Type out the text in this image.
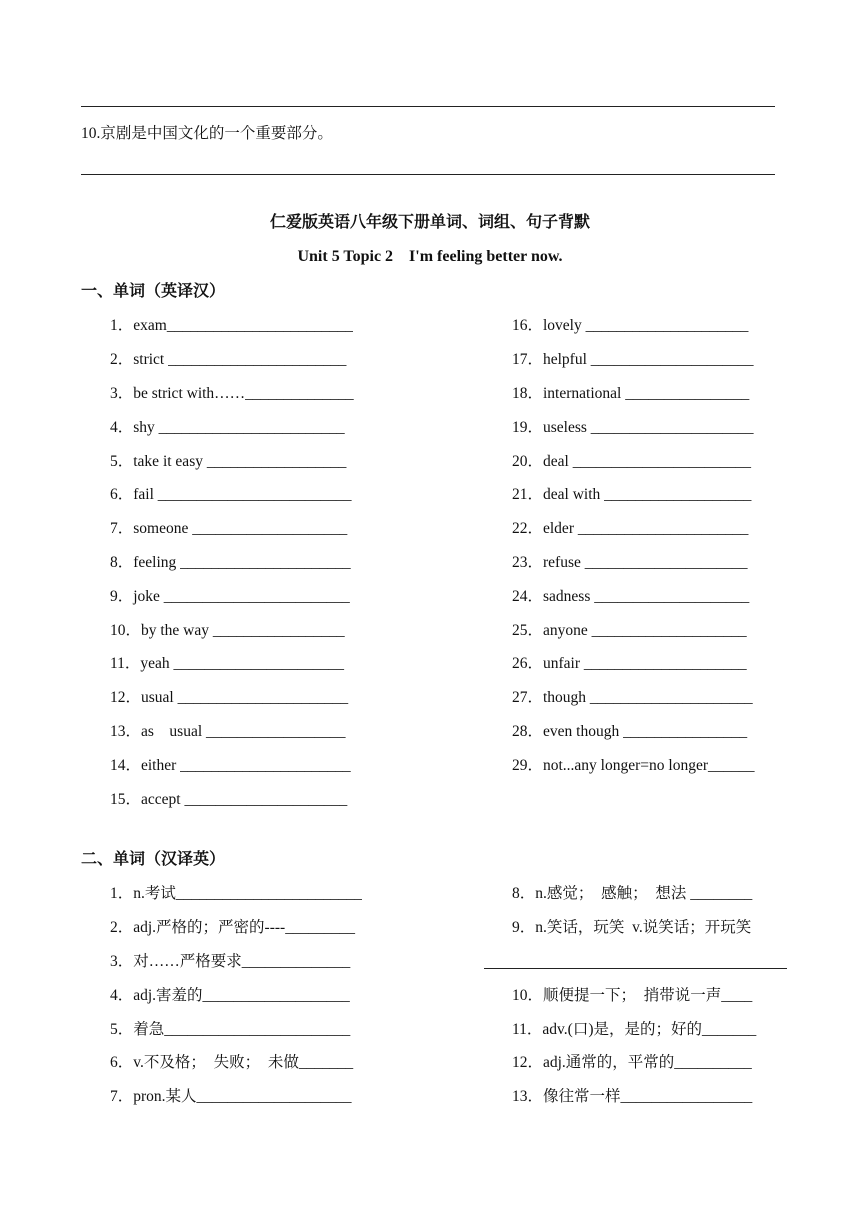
10.京剧是中国文化的一个重要部分。
仁爱版英语八年级下册单词、词组、句子背默
Unit 5 Topic 2    I'm feeling better now.
一、单词（英译汉）
1．exam________________________
2．strict _______________________
3．be strict with……______________
4．shy ________________________
5．take it easy __________________
6．fail _________________________
7．someone ____________________
8．feeling ______________________
9．joke ________________________
10．by the way _________________
11．yeah ______________________
12．usual ______________________
13．as    usual __________________
14．either ______________________
15．accept _____________________
16．lovely _____________________
17．helpful _____________________
18．international ________________
19．useless _____________________
20．deal _______________________
21．deal with ___________________
22．elder ______________________
23．refuse _____________________
24．sadness ____________________
25．anyone ____________________
26．unfair _____________________
27．though _____________________
28．even though ________________
29．not...any longer=no longer______
二、单词（汉译英）
1．n.考试________________________
2．adj.严格的；严密的----_________
3．对……严格要求______________
4．adj.害羞的___________________
5．着急________________________
6．v.不及格；  失败；  未做_______
7．pron.某人____________________
8．n.感觉；  感触；  想法 ________
9．n.笑话，玩笑  v.说笑话；开玩笑
10．顺便提一下；  捎带说一声____
11．adv.(口)是，是的；好的_______
12．adj.通常的，平常的__________
13．像往常一样_________________
